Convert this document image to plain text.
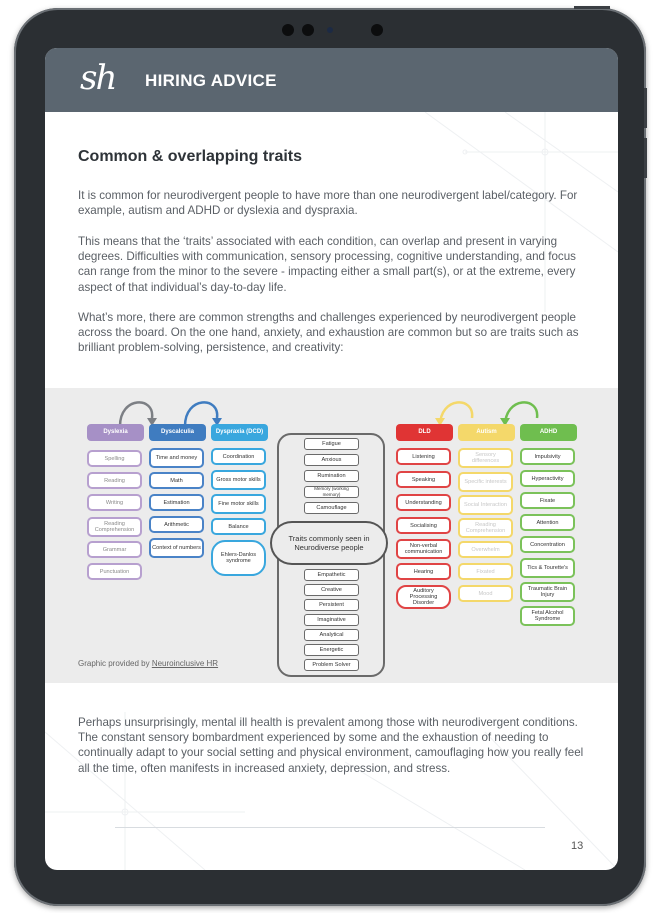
sh HIRING ADVICE
Common & overlapping traits
It is common for neurodivergent people to have more than one neurodivergent label/category. For example, autism and ADHD or dyslexia and dyspraxia.
This means that the ‘traits’ associated with each condition, can overlap and present in varying degrees. Difficulties with communication, sensory processing, cognitive understanding, and focus can range from the minor to the severe - impacting either a small part(s), or at the extreme, every aspect of that individual’s day-to-day life.
What’s more, there are common strengths and challenges experienced by neurodivergent people across the board. On the one hand, anxiety, and exhaustion are common but so are traits such as brilliant problem-solving, persistence, and creativity:
Dyslexia
Spelling
Reading
Writing
Reading Comprehension
Grammar
Punctuation
Dyscalculia
Time and money
Math
Estimation
Arithmetic
Context of numbers
Dyspraxia (DCD)
Coordination
Gross motor skills
Fine motor skills
Balance
Ehlers-Danlos syndrome
Fatigue
Anxious
Rumination
Memory (working memory)
Camouflage
Traits commonly seen in Neurodiverse people
Empathetic
Creative
Persistent
Imaginative
Analytical
Energetic
Problem Solver
DLD
Listening
Speaking
Understanding
Socialising
Non-verbal communication
Hearing
Auditory Processing Disorder
Autism
Sensory differences
Specific interests
Social Interaction
Reading Comprehension
Overwhelm
Fixated
Mood
ADHD
Impulsivity
Hyperactivity
Fixate
Attention
Concentration
Tics & Tourette's
Traumatic Brain Injury
Fetal Alcohol Syndrome
Graphic provided by Neuroinclusive HR
Perhaps unsurprisingly, mental ill health is prevalent among those with neurodivergent conditions. The constant sensory bombardment experienced by some and the exhaustion of needing to continually adapt to your social setting and physical environment, camouflaging how you really feel all the time, often manifests in increased anxiety, depression, and stress.
13
